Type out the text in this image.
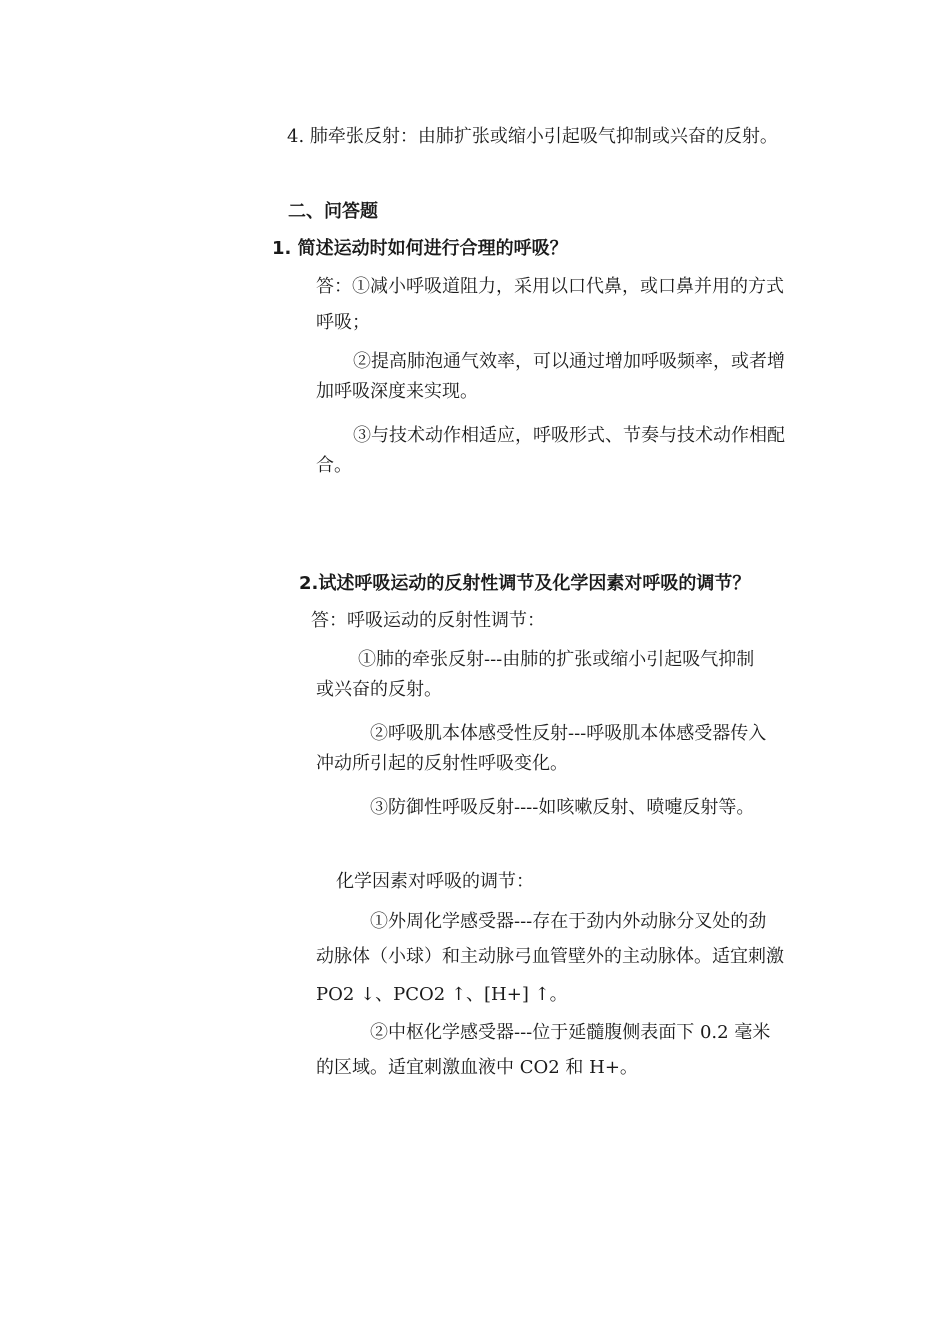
4. 肺牵张反射：由肺扩张或缩小引起吸气抑制或兴奋的反射。
二、问答题
1. 简述运动时如何进行合理的呼吸？
答：①减小呼吸道阻力，采用以口代鼻，或口鼻并用的方式
呼吸；
②提高肺泡通气效率，可以通过增加呼吸频率，或者增
加呼吸深度来实现。
③与技术动作相适应，呼吸形式、节奏与技术动作相配
合。
2.试述呼吸运动的反射性调节及化学因素对呼吸的调节？
答：呼吸运动的反射性调节：
①肺的牵张反射---由肺的扩张或缩小引起吸气抑制
或兴奋的反射。
②呼吸肌本体感受性反射---呼吸肌本体感受器传入
冲动所引起的反射性呼吸变化。
③防御性呼吸反射----如咳嗽反射、喷嚏反射等。
化学因素对呼吸的调节：
①外周化学感受器---存在于劲内外动脉分叉处的劲
动脉体（小球）和主动脉弓血管壁外的主动脉体。适宜刺激
PO2 ↓、PCO2 ↑、[H+] ↑。
②中枢化学感受器---位于延髓腹侧表面下 0.2 毫米
的区域。适宜刺激血液中 CO2 和 H+。
